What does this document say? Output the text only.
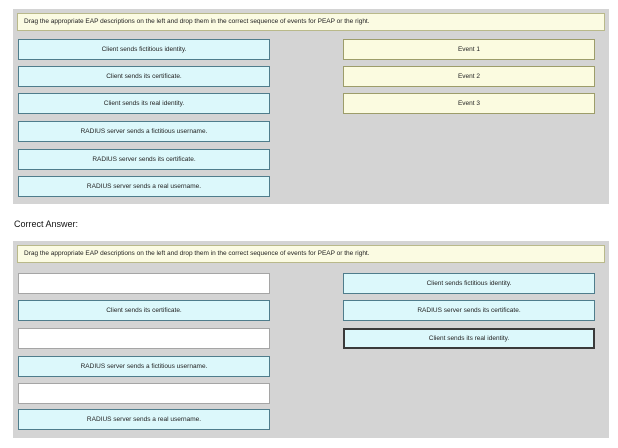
Drag the appropriate EAP descriptions on the left and drop them in the correct sequence of events for PEAP or the right.
Client sends fictitious identity.
Client sends its certificate.
Client sends its real identity.
RADIUS server sends a fictitious username.
RADIUS server sends its certificate.
RADIUS server sends a real username.
Event 1
Event 2
Event 3
Correct Answer:
Drag the appropriate EAP descriptions on the left and drop them in the correct sequence of events for PEAP or the right.
Client sends its certificate.
RADIUS server sends a fictitious username.
RADIUS server sends a real username.
Client sends fictitious identity.
RADIUS server sends its certificate.
Client sends its real identity.
